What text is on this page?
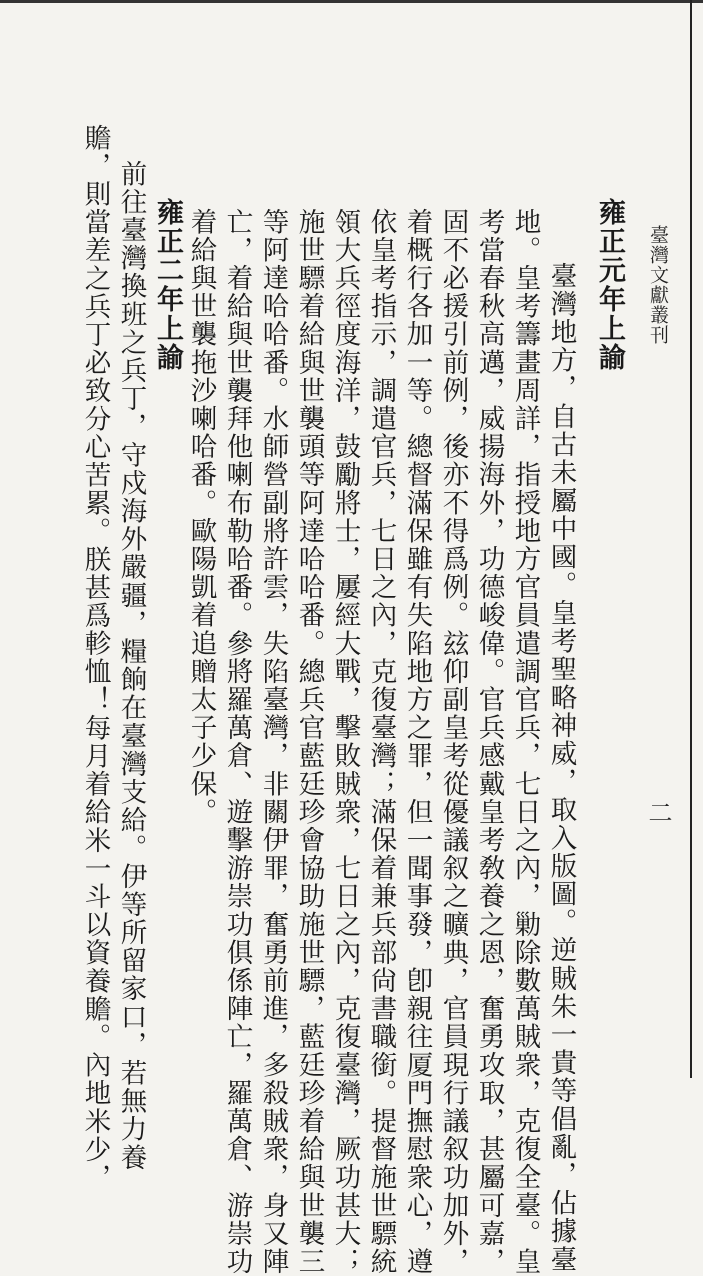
臺灣文獻叢刊
二
雍正元年上諭
臺灣地方，自古未屬中國。皇考聖略神威，取入版圖。逆賊朱一貴等倡亂，佔據臺
地。皇考籌畫周詳，指授地方官員遣調官兵，七日之內，勦除數萬賊衆，克復全臺。皇
考當春秋高邁，威揚海外，功德峻偉。官兵感戴皇考敎養之恩，奮勇攻取，甚屬可嘉，
固不必援引前例，後亦不得爲例。玆仰副皇考從優議叙之曠典，官員現行議叙功加外，
着概行各加一等。總督滿保雖有失陷地方之罪，但一聞事發，卽親往厦門撫慰衆心，遵
依皇考指示，調遣官兵，七日之內，克復臺灣；滿保着兼兵部尙書職銜。提督施世驃統
領大兵徑度海洋，鼓勵將士，屢經大戰，擊敗賊衆，七日之內，克復臺灣，厥功甚大；
施世驃着給與世襲頭等阿達哈哈番。總兵官藍廷珍會協助施世驃，藍廷珍着給與世襲三
等阿達哈哈番。水師營副將許雲，失陷臺灣，非關伊罪，奮勇前進，多殺賊衆，身又陣
亡，着給與世襲拜他喇布勒哈番。參將羅萬倉、遊擊游崇功俱係陣亡，羅萬倉、游崇功
着給與世襲拖沙喇哈番。歐陽凱着追贈太子少保。
雍正二年上諭
前往臺灣換班之兵丁，守戍海外嚴疆，糧餉在臺灣支給。伊等所留家口，若無力養
贍，則當差之兵丁必致分心苦累。朕甚爲軫恤！每月着給米一斗以資養贍。內地米少，
